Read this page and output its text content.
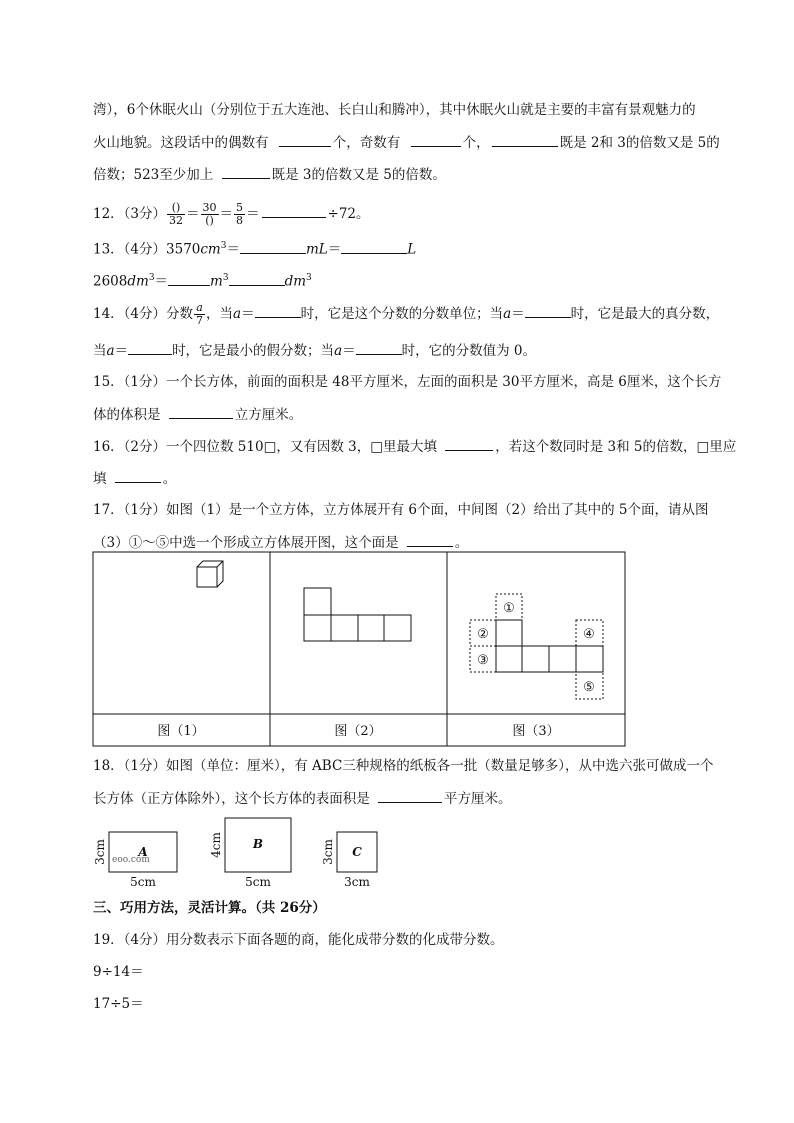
湾），6个休眠火山（分别位于五大连池、长白山和腾冲），其中休眠火山就是主要的丰富有景观魅力的
火山地貌。这段话中的偶数有	个，奇数有	个，	既是 2和 3的倍数又是 5的
倍数；523至少加上	既是 3的倍数又是 5的倍数。
12．（3分） $\frac{()}{32} = \frac{30}{()} = \frac{5}{8}$ ＝	÷72。
13．（4分）$3570cm^3=$	mL＝	L
$2608dm^3=$	$m^3$	$dm^3$
14．（4分）分数 $\frac{a}{7}$ ，当a＝	时，它是这个分数的分数单位；当a＝	时，它是最大的真分数，
当a＝	时，它是最小的假分数；当a＝	时，它的分数值为 0。
15．（1分）一个长方体，前面的面积是 48平方厘米，左面的面积是 30平方厘米，高是 6厘米，这个长方
体的体积是	立方厘米。
16．（2分）一个四位数 510□，又有因数 3，□里最大填	，若这个数同时是 3和 5的倍数，□里应
填	。
17．（1分）如图（1）是一个立方体，立方体展开有 6个面，中间图（2）给出了其中的 5个面，请从图
（3）①～⑤中选一个形成立方体展开图，这个面是	。
①
②
③
④
⑤
图（1）	图（2）	图（3）
18．（1分）如图（单位：厘米），有 ABC三种规格的纸板各一批（数量足够多），从中选六张可做成一个
长方体（正方体除外），这个长方体的表面积是	平方厘米。
A
B
C
eoo.com
5cm	5cm	3cm
3cm	4cm	3cm
三、巧用方法，灵活计算。（共 26分）
19．（4分）用分数表示下面各题的商，能化成带分数的化成带分数。
9÷14＝
17÷5＝
